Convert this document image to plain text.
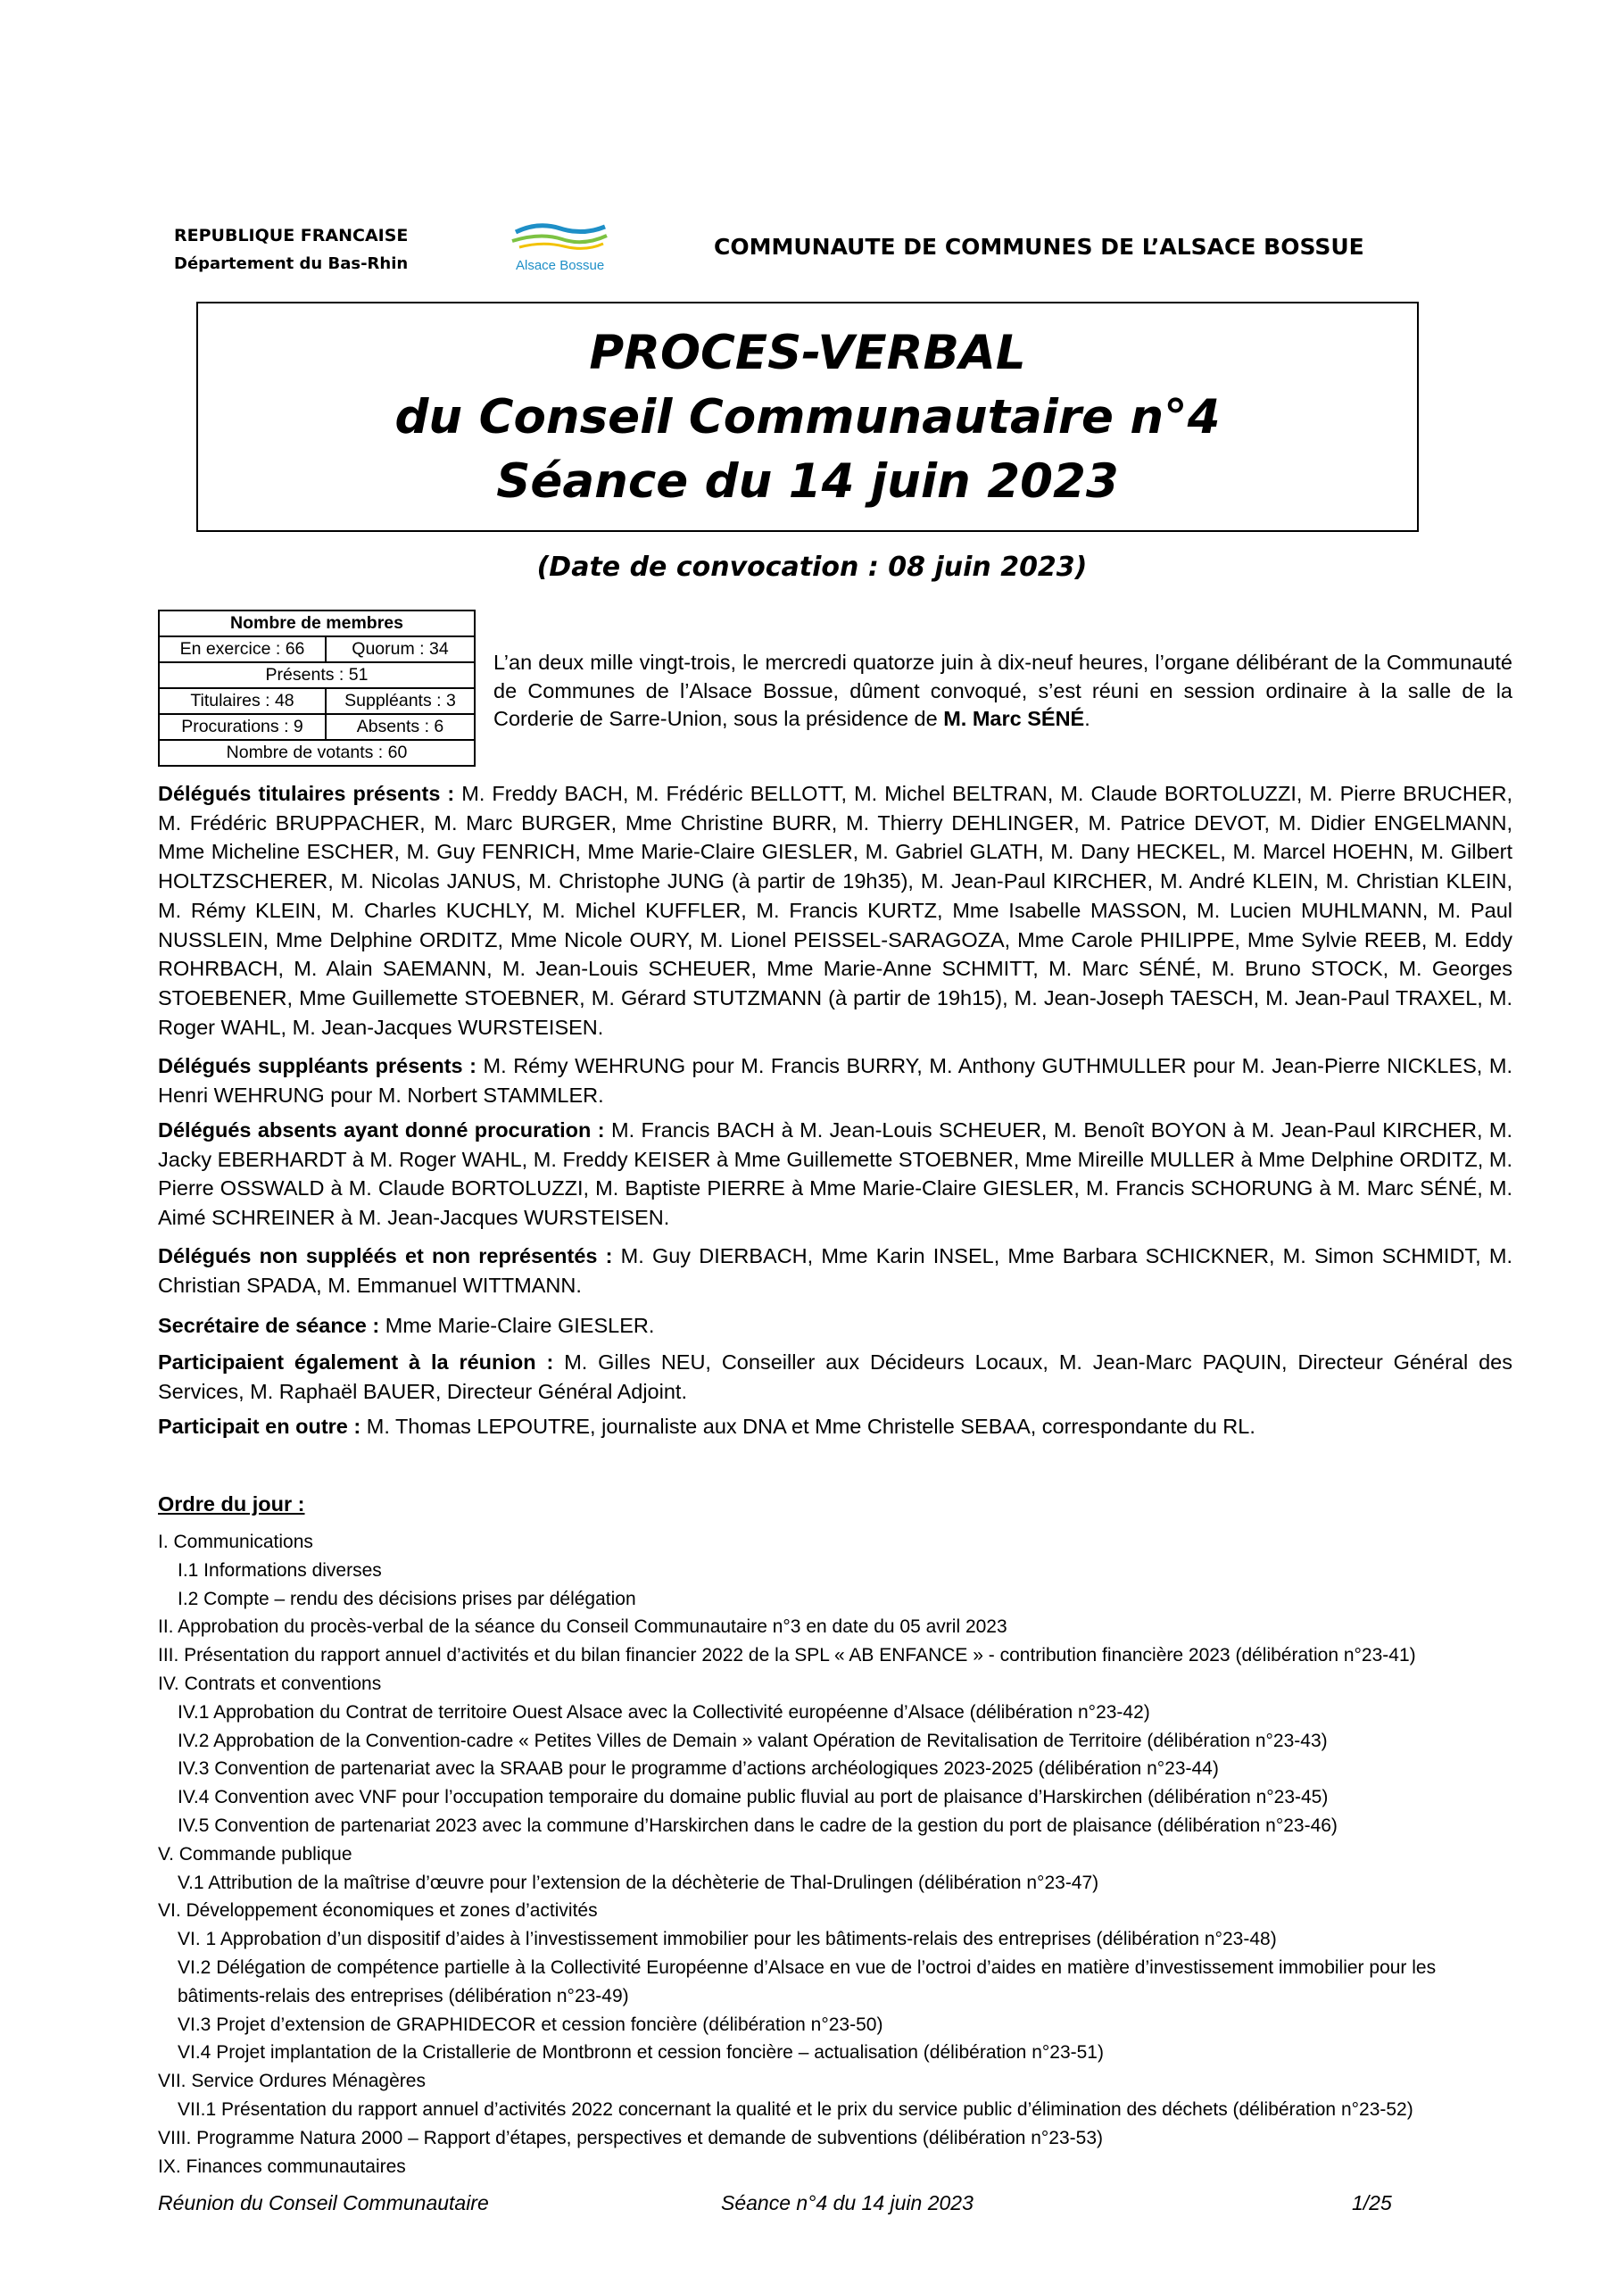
REPUBLIQUE FRANCAISE
Département du Bas-Rhin	Alsace Bossue
COMMUNAUTE DE COMMUNES DE L’ALSACE BOSSUE
PROCES-VERBAL
du Conseil Communautaire n°4
Séance du 14 juin 2023
(Date de convocation : 08 juin 2023)
Nombre de membres	
En exercice : 66	Quorum : 34
Présents : 51	
Titulaires : 48	Suppléants : 3
Procurations : 9	Absents : 6
Nombre de votants : 60	
L’an deux mille vingt-trois, le mercredi quatorze juin à dix-neuf heures, l’organe délibérant de la Communauté de Communes de l’Alsace Bossue, dûment convoqué, s’est réuni en session ordinaire à la salle de la Corderie de Sarre-Union, sous la présidence de M. Marc SÉNÉ.
Délégués titulaires présents : M. Freddy BACH, M. Frédéric BELLOTT, M. Michel BELTRAN, M. Claude BORTOLUZZI, M. Pierre BRUCHER, M. Frédéric BRUPPACHER, M. Marc BURGER, Mme Christine BURR, M. Thierry DEHLINGER, M. Patrice DEVOT, M. Didier ENGELMANN, Mme Micheline ESCHER, M. Guy FENRICH, Mme Marie-Claire GIESLER, M. Gabriel GLATH, M. Dany HECKEL, M. Marcel HOEHN, M. Gilbert HOLTZSCHERER, M. Nicolas JANUS, M. Christophe JUNG (à partir de 19h35), M. Jean-Paul KIRCHER, M. André KLEIN, M. Christian KLEIN, M. Rémy KLEIN, M. Charles KUCHLY, M. Michel KUFFLER, M. Francis KURTZ, Mme Isabelle MASSON, M. Lucien MUHLMANN, M. Paul NUSSLEIN, Mme Delphine ORDITZ, Mme Nicole OURY, M. Lionel PEISSEL-SARAGOZA, Mme Carole PHILIPPE, Mme Sylvie REEB, M. Eddy ROHRBACH, M. Alain SAEMANN, M. Jean-Louis SCHEUER, Mme Marie-Anne SCHMITT, M. Marc SÉNÉ, M. Bruno STOCK, M. Georges STOEBENER, Mme Guillemette STOEBNER, M. Gérard STUTZMANN (à partir de 19h15), M. Jean-Joseph TAESCH, M. Jean-Paul TRAXEL, M. Roger WAHL, M. Jean-Jacques WURSTEISEN.
Délégués suppléants présents : M. Rémy WEHRUNG pour M. Francis BURRY, M. Anthony GUTHMULLER pour M. Jean-Pierre NICKLES, M. Henri WEHRUNG pour M. Norbert STAMMLER.
Délégués absents ayant donné procuration : M. Francis BACH à M. Jean-Louis SCHEUER, M. Benoît BOYON à M. Jean-Paul KIRCHER, M. Jacky EBERHARDT à M. Roger WAHL, M. Freddy KEISER à Mme Guillemette STOEBNER, Mme Mireille MULLER à Mme Delphine ORDITZ, M. Pierre OSSWALD à M. Claude BORTOLUZZI, M. Baptiste PIERRE à Mme Marie-Claire GIESLER, M. Francis SCHORUNG à M. Marc SÉNÉ, M. Aimé SCHREINER à M. Jean-Jacques WURSTEISEN.
Délégués non suppléés et non représentés : M. Guy DIERBACH, Mme Karin INSEL, Mme Barbara SCHICKNER, M. Simon SCHMIDT, M. Christian SPADA, M. Emmanuel WITTMANN.
Secrétaire de séance : Mme Marie-Claire GIESLER.
Participaient également à la réunion : M. Gilles NEU, Conseiller aux Décideurs Locaux, M. Jean-Marc PAQUIN, Directeur Général des Services, M. Raphaël BAUER, Directeur Général Adjoint.
Participait en outre : M. Thomas LEPOUTRE, journaliste aux DNA et Mme Christelle SEBAA, correspondante du RL.
Ordre du jour :
I. Communications
I.1 Informations diverses
I.2 Compte – rendu des décisions prises par délégation
II. Approbation du procès-verbal de la séance du Conseil Communautaire n°3 en date du 05 avril 2023
III. Présentation du rapport annuel d’activités et du bilan financier 2022 de la SPL « AB ENFANCE » - contribution financière 2023 (délibération n°23-41)
IV. Contrats et conventions
IV.1 Approbation du Contrat de territoire Ouest Alsace avec la Collectivité européenne d’Alsace (délibération n°23-42)
IV.2 Approbation de la Convention-cadre « Petites Villes de Demain » valant Opération de Revitalisation de Territoire (délibération n°23-43)
IV.3 Convention de partenariat avec la SRAAB pour le programme d’actions archéologiques 2023-2025 (délibération n°23-44)
IV.4 Convention avec VNF pour l’occupation temporaire du domaine public fluvial au port de plaisance d’Harskirchen (délibération n°23-45)
IV.5 Convention de partenariat 2023 avec la commune d’Harskirchen dans le cadre de la gestion du port de plaisance (délibération n°23-46)
V. Commande publique
V.1 Attribution de la maîtrise d’œuvre pour l’extension de la déchèterie de Thal-Drulingen (délibération n°23-47)
VI. Développement économiques et zones d’activités
VI. 1 Approbation d’un dispositif d’aides à l’investissement immobilier pour les bâtiments-relais des entreprises (délibération n°23-48)
VI.2 Délégation de compétence partielle à la Collectivité Européenne d’Alsace en vue de l’octroi d’aides en matière d’investissement immobilier pour les bâtiments-relais des entreprises (délibération n°23-49)
VI.3 Projet d’extension de GRAPHIDECOR et cession foncière (délibération n°23-50)
VI.4 Projet implantation de la Cristallerie de Montbronn et cession foncière – actualisation (délibération n°23-51)
VII. Service Ordures Ménagères
VII.1 Présentation du rapport annuel d’activités 2022 concernant la qualité et le prix du service public d’élimination des déchets (délibération n°23-52)
VIII. Programme Natura 2000 – Rapport d’étapes, perspectives et demande de subventions (délibération n°23-53)
IX. Finances communautaires
Réunion du Conseil Communautaire	Séance n°4 du 14 juin 2023	1/25
